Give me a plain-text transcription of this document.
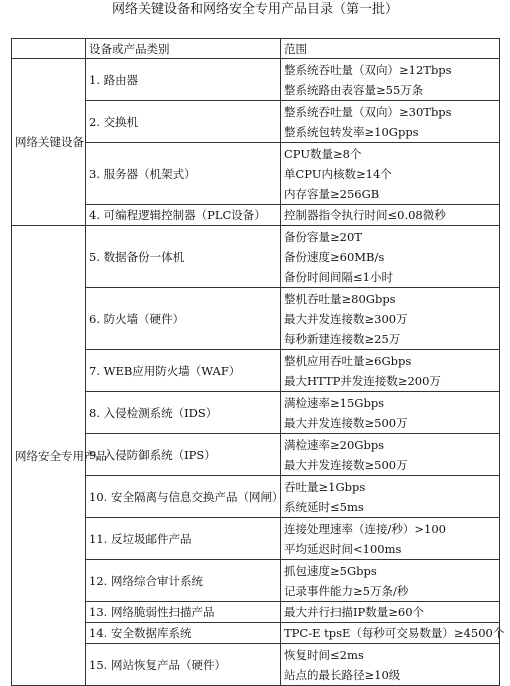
网络关键设备和网络安全专用产品目录（第一批）
	设备或产品类别	范围
网络关键设备	1. 路由器	整系统吞吐量（双向）≥12Tbps
整系统路由表容量≥55万条

	2. 交换机	整系统吞吐量（双向）≥30Tbps
整系统包转发率≥10Gpps

	3. 服务器（机架式）	CPU数量≥8个
单CPU内核数≥14个
内存容量≥256GB

	4. 可编程逻辑控制器（PLC设备）	控制器指令执行时间≤0.08微秒

网络安全专用产品	5. 数据备份一体机	备份容量≥20T
备份速度≥60MB/s
备份时间间隔≤1小时

	6. 防火墙（硬件）	整机吞吐量≥80Gbps
最大并发连接数≥300万
每秒新建连接数≥25万

	7. WEB应用防火墙（WAF）	整机应用吞吐量≥6Gbps
最大HTTP并发连接数≥200万

	8. 入侵检测系统（IDS）	满检速率≥15Gbps
最大并发连接数≥500万

	9. 入侵防御系统（IPS）	满检速率≥20Gbps
最大并发连接数≥500万

	10. 安全隔离与信息交换产品（网闸）	吞吐量≥1Gbps
系统延时≤5ms

	11. 反垃圾邮件产品	连接处理速率（连接/秒）>100
平均延迟时间<100ms

	12. 网络综合审计系统	抓包速度≥5Gbps
记录事件能力≥5万条/秒

	13. 网络脆弱性扫描产品	最大并行扫描IP数量≥60个

	14. 安全数据库系统	TPC-E tpsE（每秒可交易数量）≥4500个

	15. 网站恢复产品（硬件）	恢复时间≤2ms
站点的最长路径≥10级
